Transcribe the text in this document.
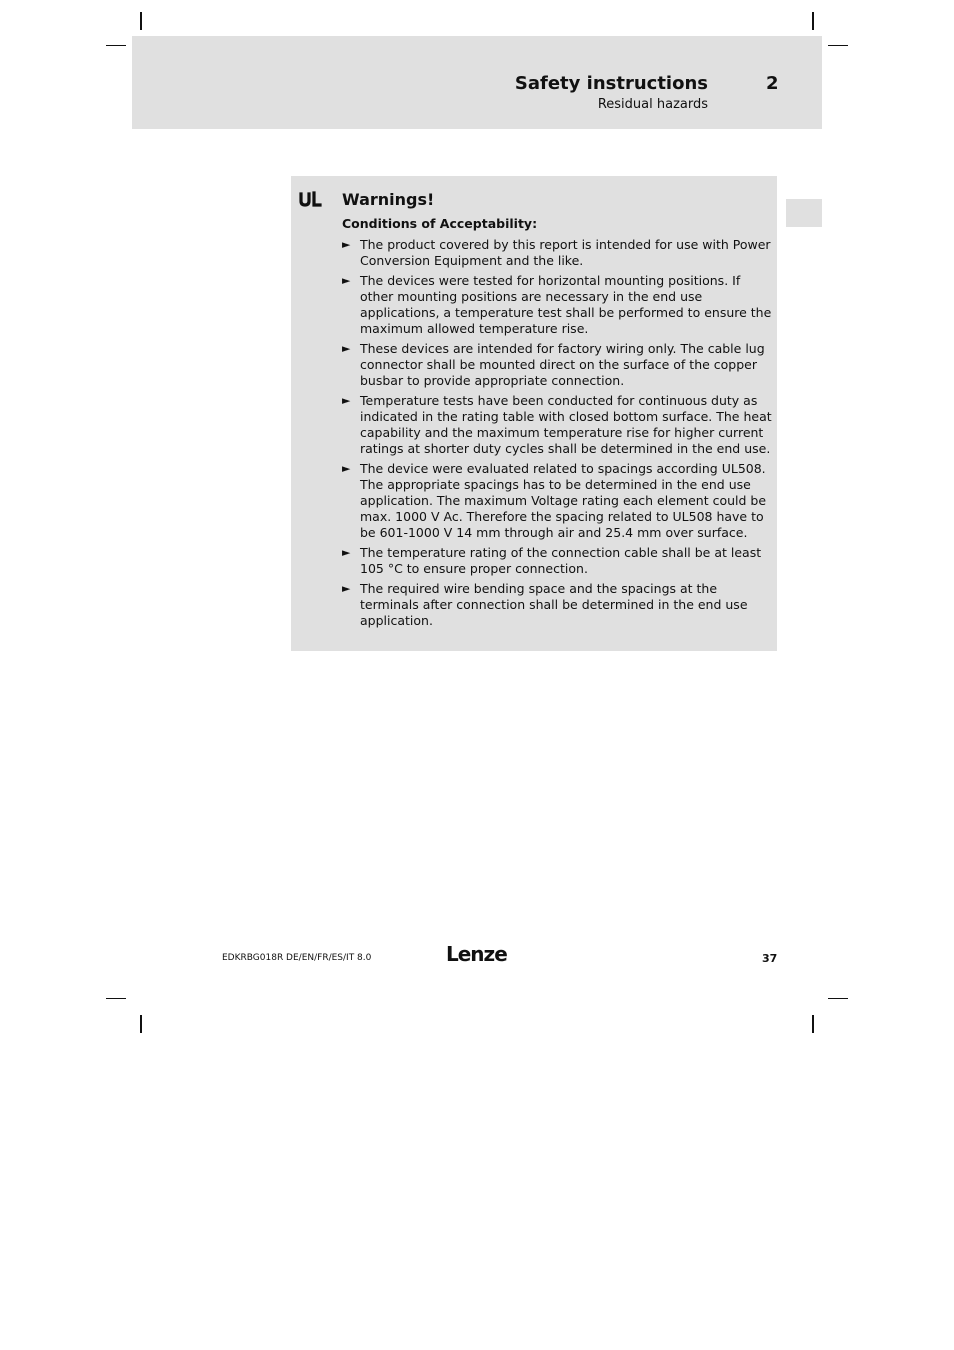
Safety instructions	2
Residual hazards
Warnings!
Conditions of Acceptability:
► The product covered by this report is intended for use with Power Conversion Equipment and the like.
► The devices were tested for horizontal mounting positions. If other mounting positions are necessary in the end use applications, a temperature test shall be performed to ensure the maximum allowed temperature rise.
► These devices are intended for factory wiring only. The cable lug connector shall be mounted direct on the surface of the copper busbar to provide appropriate connection.
► Temperature tests have been conducted for continuous duty as indicated in the rating table with closed bottom surface. The heat capability and the maximum temperature rise for higher current ratings at shorter duty cycles shall be determined in the end use.
► The device were evaluated related to spacings according UL508. The appropriate spacings has to be determined in the end use application. The maximum Voltage rating each element could be max. 1000 V Ac. Therefore the spacing related to UL508 have to be 601-1000 V 14 mm through air and 25.4 mm over surface.
► The temperature rating of the connection cable shall be at least 105 °C to ensure proper connection.
► The required wire bending space and the spacings at the terminals after connection shall be determined in the end use application.
EDKRBG018R DE/EN/FR/ES/IT 8.0	Lenze	37
